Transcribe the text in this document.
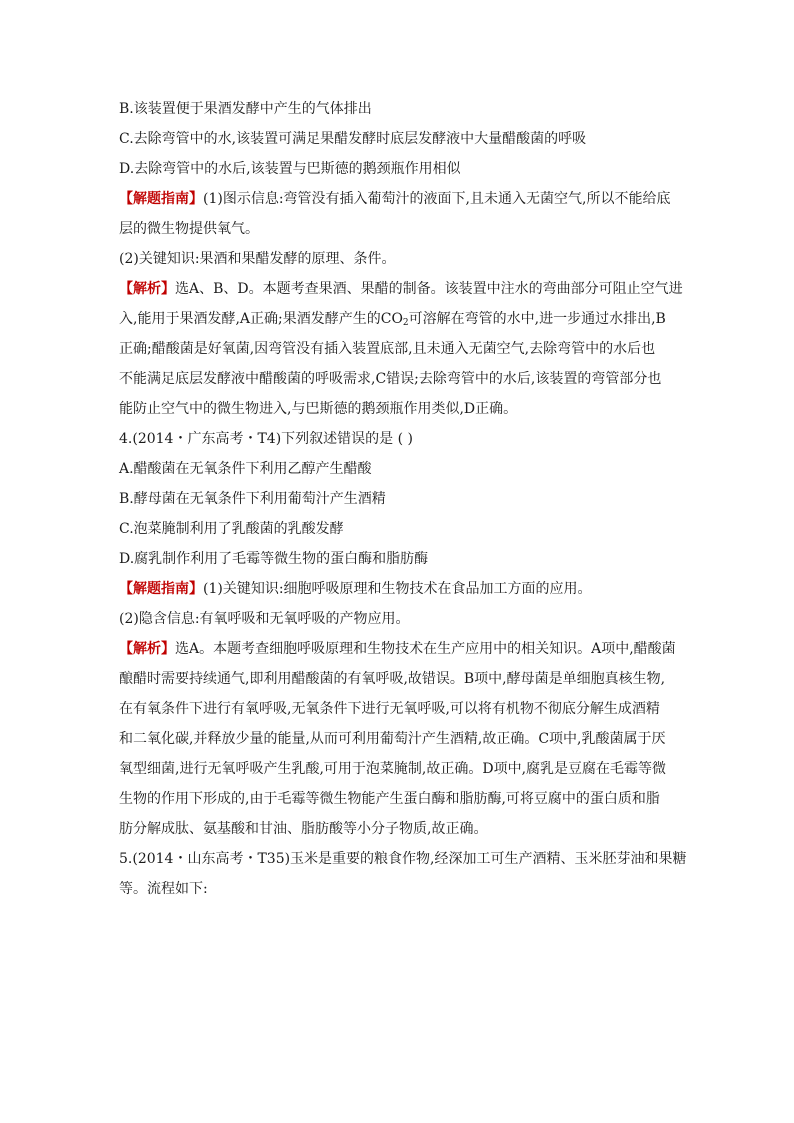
B.该装置便于果酒发酵中产生的气体排出
C.去除弯管中的水,该装置可满足果醋发酵时底层发酵液中大量醋酸菌的呼吸
D.去除弯管中的水后,该装置与巴斯德的鹅颈瓶作用相似
【解题指南】(1)图示信息:弯管没有插入葡萄汁的液面下,且未通入无菌空气,所以不能给底
层的微生物提供氧气。
(2)关键知识:果酒和果醋发酵的原理、条件。
【解析】选A、B、D。本题考查果酒、果醋的制备。该装置中注水的弯曲部分可阻止空气进
入,能用于果酒发酵,A正确;果酒发酵产生的$CO_2$可溶解在弯管的水中,进一步通过水排出,B
正确;醋酸菌是好氧菌,因弯管没有插入装置底部,且未通入无菌空气,去除弯管中的水后也
不能满足底层发酵液中醋酸菌的呼吸需求,C错误;去除弯管中的水后,该装置的弯管部分也
能防止空气中的微生物进入,与巴斯德的鹅颈瓶作用类似,D正确。
4.(2014・广东高考・T4)下列叙述错误的是 ( )
A.醋酸菌在无氧条件下利用乙醇产生醋酸
B.酵母菌在无氧条件下利用葡萄汁产生酒精
C.泡菜腌制利用了乳酸菌的乳酸发酵
D.腐乳制作利用了毛霉等微生物的蛋白酶和脂肪酶
【解题指南】(1)关键知识:细胞呼吸原理和生物技术在食品加工方面的应用。
(2)隐含信息:有氧呼吸和无氧呼吸的产物应用。
【解析】选A。本题考查细胞呼吸原理和生物技术在生产应用中的相关知识。A项中,醋酸菌
酿醋时需要持续通气,即利用醋酸菌的有氧呼吸,故错误。B项中,酵母菌是单细胞真核生物,
在有氧条件下进行有氧呼吸,无氧条件下进行无氧呼吸,可以将有机物不彻底分解生成酒精
和二氧化碳,并释放少量的能量,从而可利用葡萄汁产生酒精,故正确。C项中,乳酸菌属于厌
氧型细菌,进行无氧呼吸产生乳酸,可用于泡菜腌制,故正确。D项中,腐乳是豆腐在毛霉等微
生物的作用下形成的,由于毛霉等微生物能产生蛋白酶和脂肪酶,可将豆腐中的蛋白质和脂
肪分解成肽、氨基酸和甘油、脂肪酸等小分子物质,故正确。
5.(2014・山东高考・T35)玉米是重要的粮食作物,经深加工可生产酒精、玉米胚芽油和果糖
等。流程如下:
